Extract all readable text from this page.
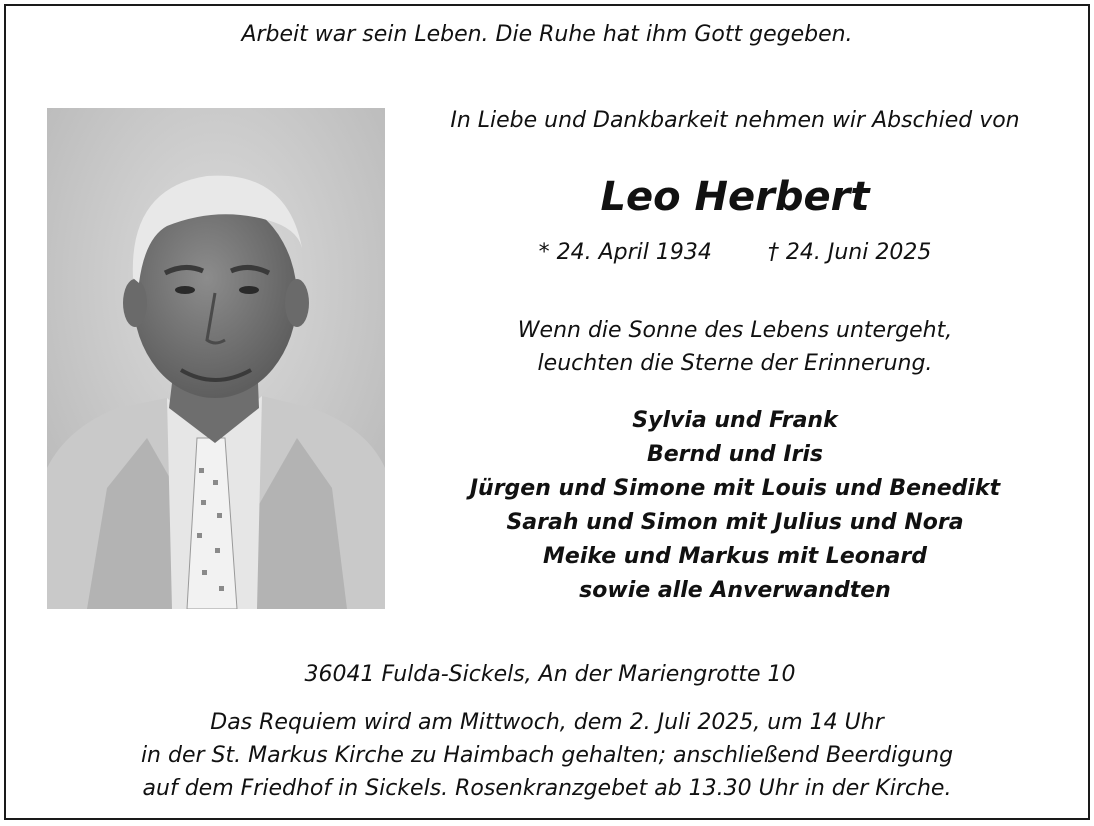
Arbeit war sein Leben. Die Ruhe hat ihm Gott gegeben.
In Liebe und Dankbarkeit nehmen wir Abschied von
Leo Herbert
* 24. April 1934	† 24. Juni 2025
Wenn die Sonne des Lebens untergeht,
leuchten die Sterne der Erinnerung.
Sylvia und Frank
Bernd und Iris
Jürgen und Simone mit Louis und Benedikt
Sarah und Simon mit Julius und Nora
Meike und Markus mit Leonard
sowie alle Anverwandten
36041 Fulda-Sickels, An der Mariengrotte 10
Das Requiem wird am Mittwoch, dem 2. Juli 2025, um 14 Uhr
in der St. Markus Kirche zu Haimbach gehalten; anschließend Beerdigung
auf dem Friedhof in Sickels. Rosenkranzgebet ab 13.30 Uhr in der Kirche.
